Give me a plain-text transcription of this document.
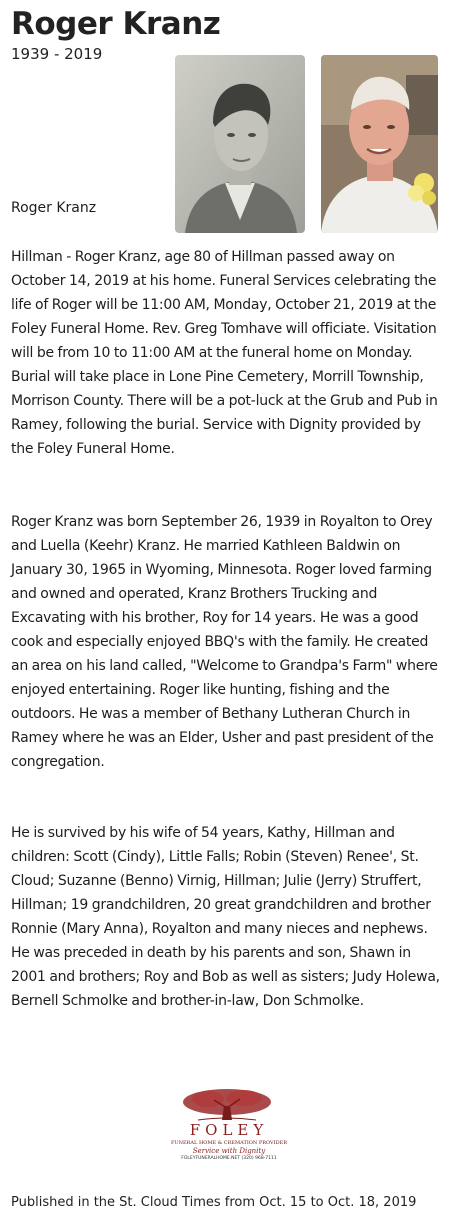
Roger Kranz
1939 - 2019
Roger Kranz

Hillman - Roger Kranz, age 80 of Hillman passed away on October 14, 2019 at his home. Funeral Services celebrating the life of Roger will be 11:00 AM, Monday, October 21, 2019 at the Foley Funeral Home. Rev. Greg Tomhave will officiate. Visitation will be from 10 to 11:00 AM at the funeral home on Monday. Burial will take place in Lone Pine Cemetery, Morrill Township, Morrison County. There will be a pot-luck at the Grub and Pub in Ramey, following the burial. Service with Dignity provided by the Foley Funeral Home.

Roger Kranz was born September 26, 1939 in Royalton to Orey and Luella (Keehr) Kranz. He married Kathleen Baldwin on January 30, 1965 in Wyoming, Minnesota. Roger loved farming and owned and operated, Kranz Brothers Trucking and Excavating with his brother, Roy for 14 years. He was a good cook and especially enjoyed BBQ's with the family. He created an area on his land called, "Welcome to Grandpa's Farm" where enjoyed entertaining. Roger like hunting, fishing and the outdoors. He was a member of Bethany Lutheran Church in Ramey where he was an Elder, Usher and past president of the congregation.

He is survived by his wife of 54 years, Kathy, Hillman and children: Scott (Cindy), Little Falls; Robin (Steven) Renee', St. Cloud; Suzanne (Benno) Virnig, Hillman; Julie (Jerry) Struffert, Hillman; 19 grandchildren, 20 great grandchildren and brother Ronnie (Mary Anna), Royalton and many nieces and nephews. He was preceded in death by his parents and son, Shawn in 2001 and brothers; Roy and Bob as well as sisters; Judy Holewa, Bernell Schmolke and brother-in-law, Don Schmolke.

FOLEY
FUNERAL HOME & CREMATION PROVIDER
Service with Dignity
FOLEYFUNERALHOME.NET (320) 968-7111
Published in the St. Cloud Times from Oct. 15 to Oct. 18, 2019
